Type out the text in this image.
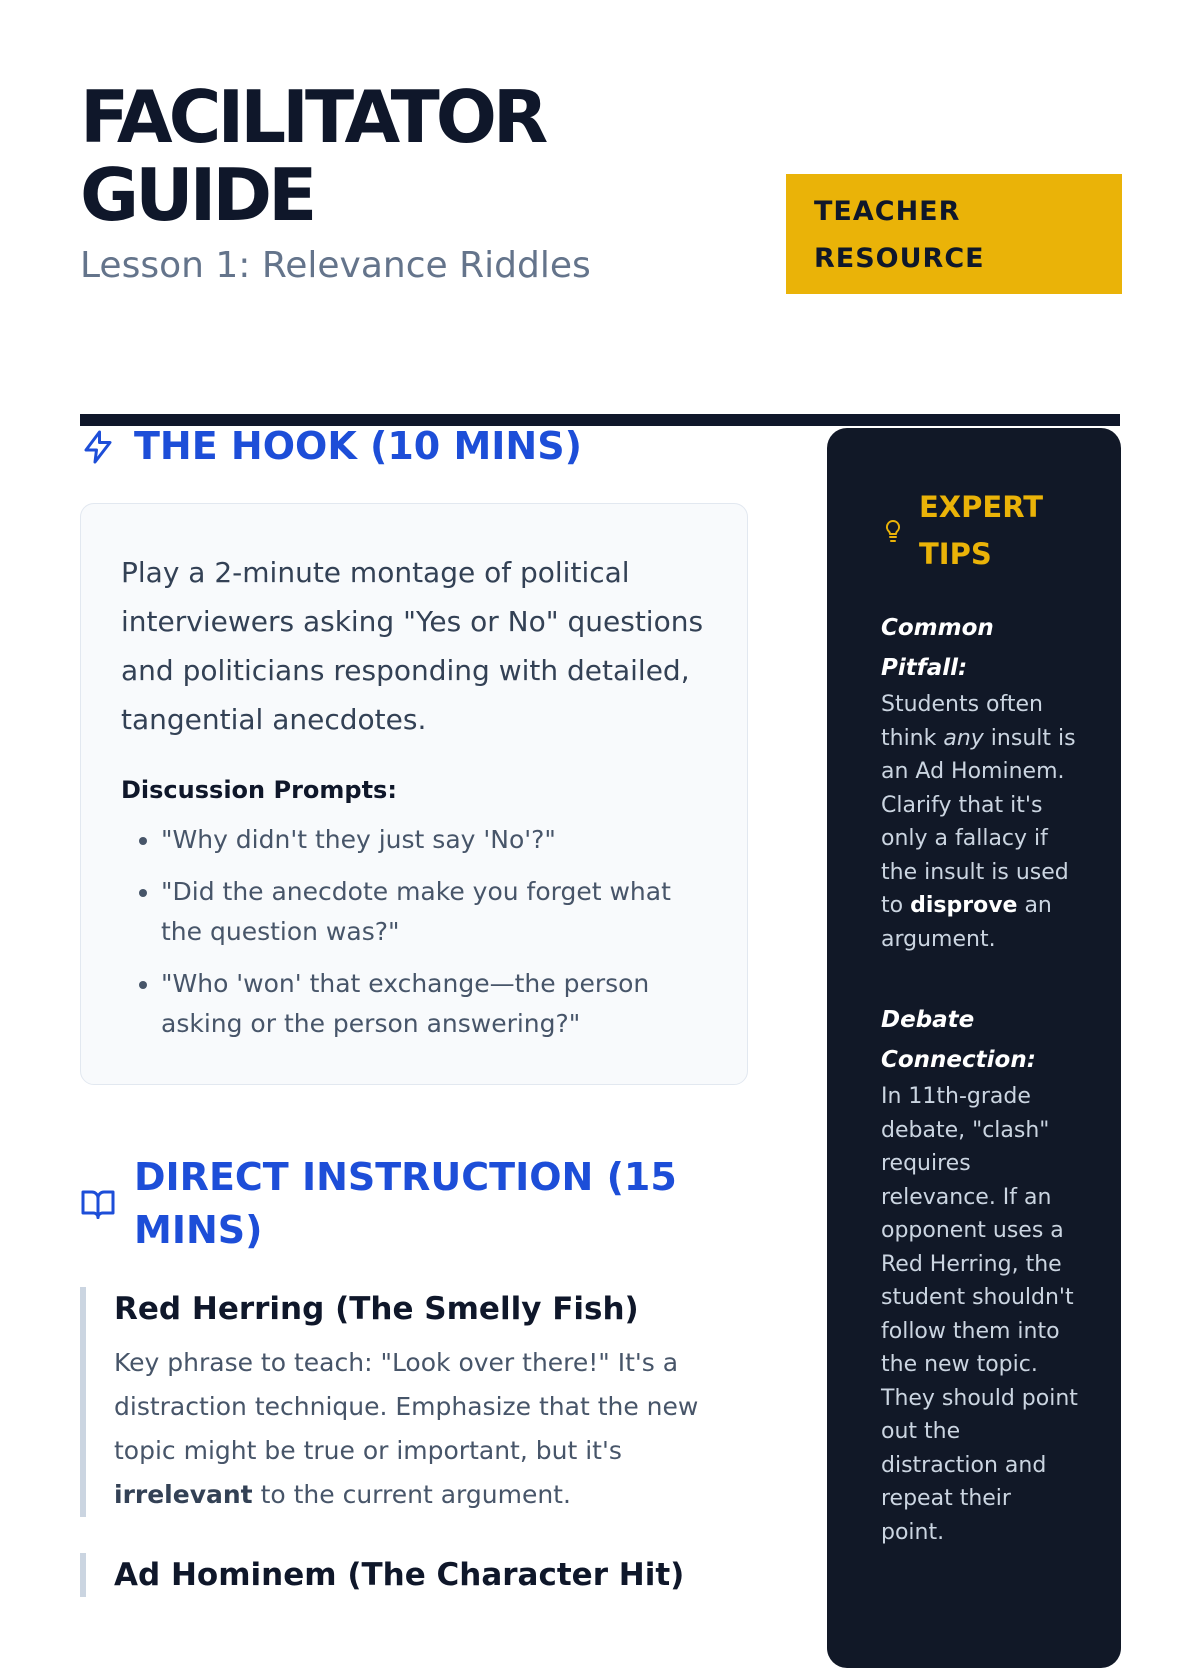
FACILITATOR
GUIDE

Lesson 1: Relevance Riddles

TEACHER
RESOURCE
THE HOOK (10 MINS)

Play a 2-minute montage of political interviewers asking "Yes or No" questions and politicians responding with detailed, tangential anecdotes.

Discussion Prompts:

• "Why didn't they just say 'No'?"
• "Did the anecdote make you forget what the question was?"
• "Who 'won' that exchange—the person asking or the person answering?"
DIRECT INSTRUCTION (15 MINS)
Red Herring (The Smelly Fish)

Key phrase to teach: "Look over there!" It's a distraction technique. Emphasize that the new topic might be true or important, but it's irrelevant to the current argument.

Ad Hominem (The Character Hit)
EXPERT TIPS

Common Pitfall:

Students often think any insult is an Ad Hominem. Clarify that it's only a fallacy if the insult is used to disprove an argument.

Debate Connection:

In 11th-grade debate, "clash" requires relevance. If an opponent uses a Red Herring, the student shouldn't follow them into the new topic. They should point out the distraction and repeat their point.
